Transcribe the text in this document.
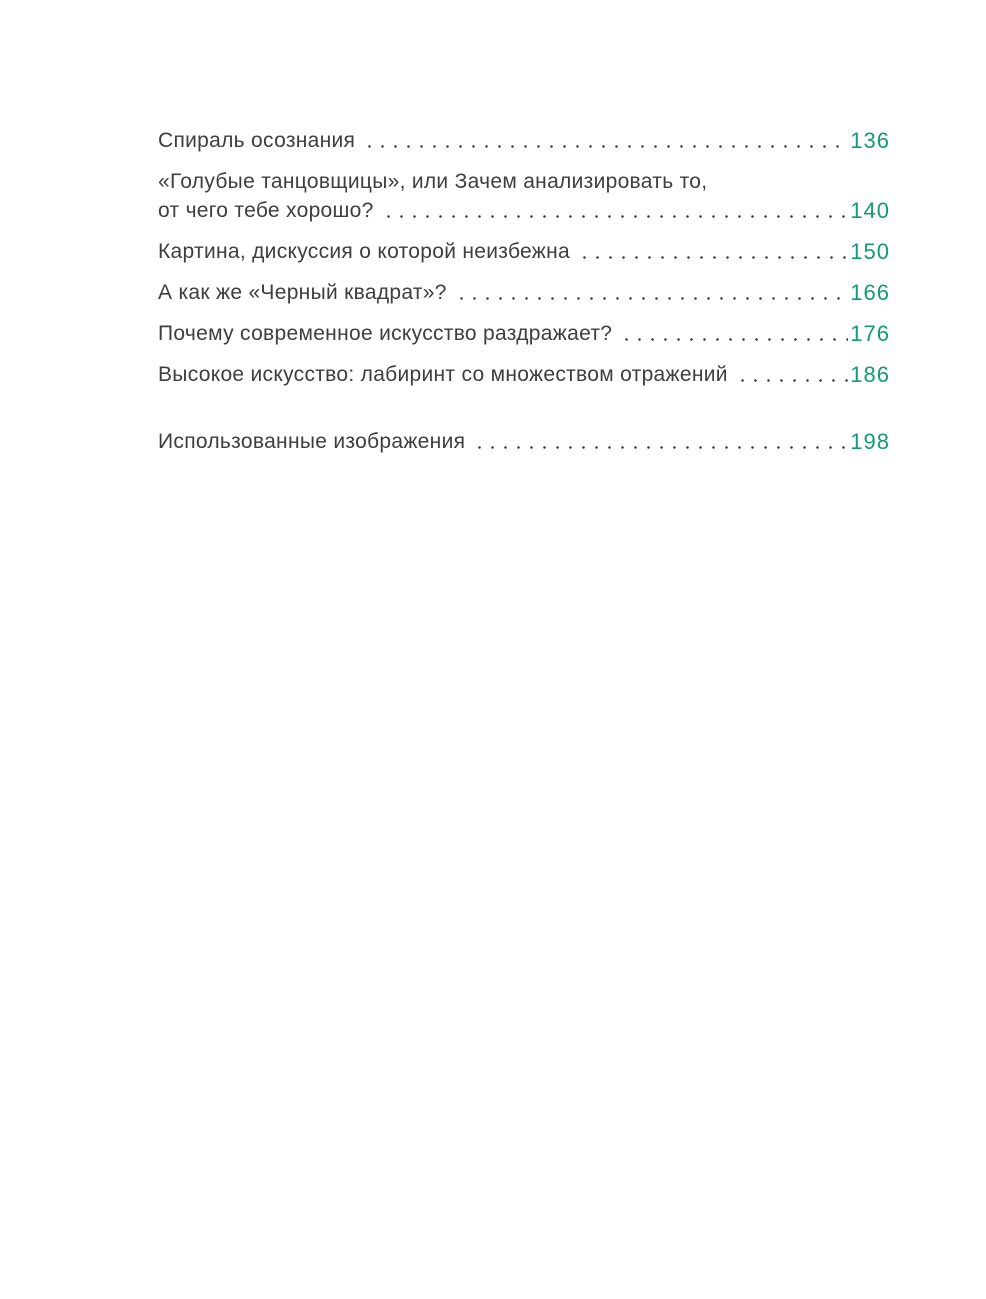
Спираль осознания	136
«Голубые танцовщицы», или Зачем анализировать то,
от чего тебе хорошо?	140
Картина, дискуссия о которой неизбежна	150
А как же «Черный квадрат»?	166
Почему современное искусство раздражает?	176
Высокое искусство: лабиринт со множеством отражений	186
Использованные изображения	198
